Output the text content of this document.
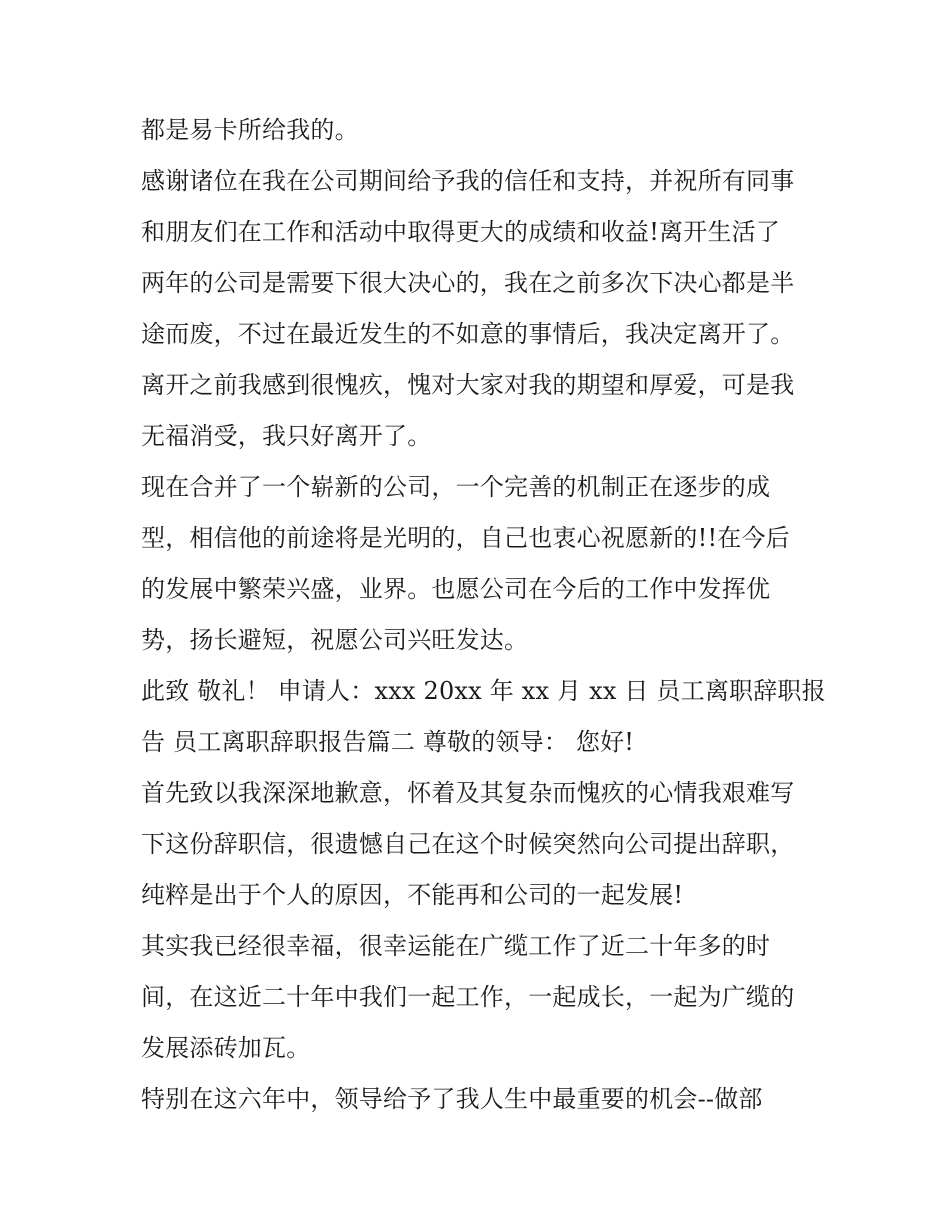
都是易卡所给我的。
感谢诸位在我在公司期间给予我的信任和支持，并祝所有同事
和朋友们在工作和活动中取得更大的成绩和收益!离开生活了
两年的公司是需要下很大决心的，我在之前多次下决心都是半
途而废，不过在最近发生的不如意的事情后，我决定离开了。
离开之前我感到很愧疚，愧对大家对我的期望和厚爱，可是我
无福消受，我只好离开了。
现在合并了一个崭新的公司，一个完善的机制正在逐步的成
型，相信他的前途将是光明的，自己也衷心祝愿新的!!在今后
的发展中繁荣兴盛，业界。也愿公司在今后的工作中发挥优
势，扬长避短，祝愿公司兴旺发达。
此致 敬礼！ 申请人：xxx 20xx 年 xx 月 xx 日 员工离职辞职报
告 员工离职辞职报告篇二 尊敬的领导： 您好!
首先致以我深深地歉意，怀着及其复杂而愧疚的心情我艰难写
下这份辞职信，很遗憾自己在这个时候突然向公司提出辞职，
纯粹是出于个人的原因，不能再和公司的一起发展!
其实我已经很幸福，很幸运能在广缆工作了近二十年多的时
间，在这近二十年中我们一起工作，一起成长，一起为广缆的
发展添砖加瓦。
特别在这六年中，领导给予了我人生中最重要的机会--做部
